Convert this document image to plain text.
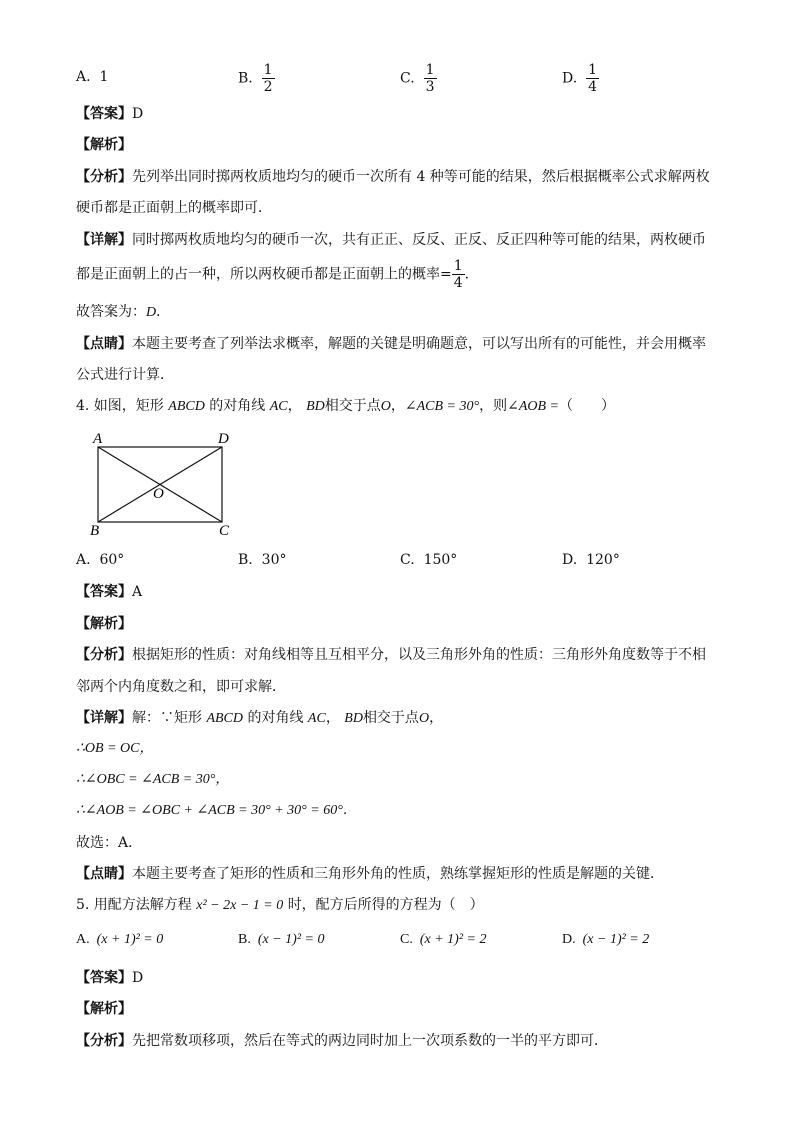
A. 1	B. $\frac{1}{2}$	C. $\frac{1}{3}$	D. $\frac{1}{4}$
【答案】D
【解析】
【分析】先列举出同时掷两枚质地均匀的硬币一次所有 4 种等可能的结果，然后根据概率公式求解两枚
硬币都是正面朝上的概率即可．
【详解】同时掷两枚质地均匀的硬币一次，共有正正、反反、正反、反正四种等可能的结果，两枚硬币
都是正面朝上的占一种，所以两枚硬币都是正面朝上的概率= $\frac{1}{4}$ ．
故答案为：D．
【点睛】本题主要考查了列举法求概率，解题的关键是明确题意，可以写出所有的可能性，并会用概率
公式进行计算．
4. 如图，矩形 ABCD 的对角线 AC， BD相交于点O，∠ACB = 30°，则∠AOB =（　　）
A	D
O
B	C
A. 60°	B. 30°	C. 150°	D. 120°
【答案】A
【解析】
【分析】根据矩形的性质：对角线相等且互相平分，以及三角形外角的性质：三角形外角度数等于不相
邻两个内角度数之和，即可求解．
【详解】解：∵矩形 ABCD 的对角线 AC， BD相交于点O，
∴OB = OC，
∴∠OBC = ∠ACB = 30°，
∴∠AOB = ∠OBC + ∠ACB = 30° + 30° = 60°．
故选：A．
【点睛】本题主要考查了矩形的性质和三角形外角的性质，熟练掌握矩形的性质是解题的关键．
5. 用配方法解方程 x² − 2x − 1 = 0 时，配方后所得的方程为（　）
A. (x + 1)² = 0	B. (x − 1)² = 0	C. (x + 1)² = 2	D. (x − 1)² = 2
【答案】D
【解析】
【分析】先把常数项移项，然后在等式的两边同时加上一次项系数的一半的平方即可．
